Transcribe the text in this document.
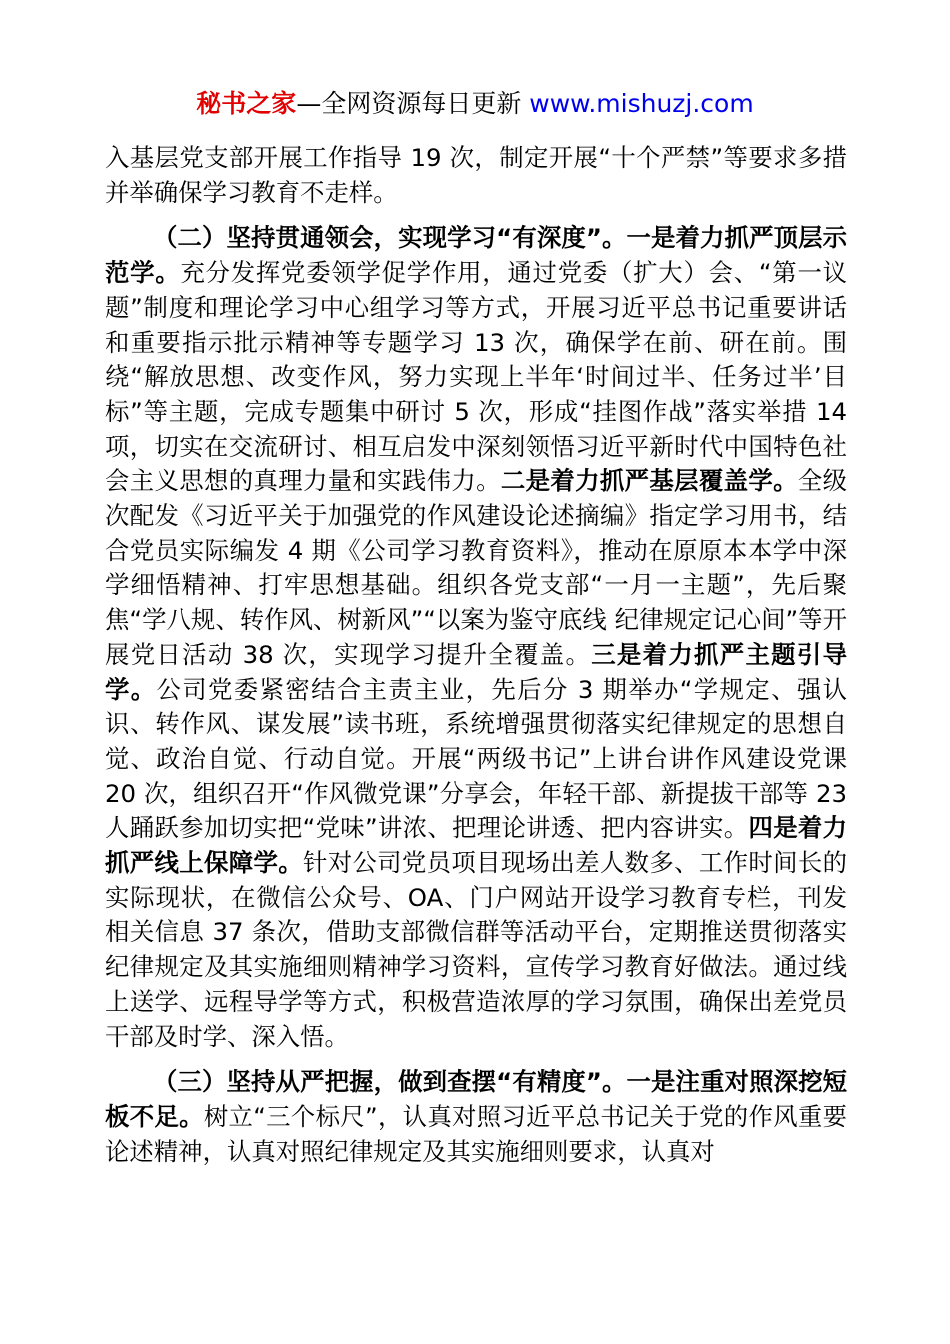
秘书之家—全网资源每日更新 www.mishuzj.com

入基层党支部开展工作指导 19 次，制定开展“十个严禁”等要求多措并举确保学习教育不走样。

（二）坚持贯通领会，实现学习“有深度”。一是着力抓严顶层示范学。充分发挥党委领学促学作用，通过党委（扩大）会、“第一议题”制度和理论学习中心组学习等方式，开展习近平总书记重要讲话和重要指示批示精神等专题学习 13 次，确保学在前、研在前。围绕“解放思想、改变作风，努力实现上半年‘时间过半、任务过半’目标”等主题，完成专题集中研讨 5 次，形成“挂图作战”落实举措 14 项，切实在交流研讨、相互启发中深刻领悟习近平新时代中国特色社会主义思想的真理力量和实践伟力。二是着力抓严基层覆盖学。全级次配发《习近平关于加强党的作风建设论述摘编》指定学习用书，结合党员实际编发 4 期《公司学习教育资料》，推动在原原本本学中深学细悟精神、打牢思想基础。组织各党支部“一月一主题”，先后聚焦“学八规、转作风、树新风”“以案为鉴守底线 纪律规定记心间”等开展党日活动 38 次，实现学习提升全覆盖。三是着力抓严主题引导学。公司党委紧密结合主责主业，先后分 3 期举办“学规定、强认识、转作风、谋发展”读书班，系统增强贯彻落实纪律规定的思想自觉、政治自觉、行动自觉。开展“两级书记”上讲台讲作风建设党课 20 次，组织召开“作风微党课”分享会，年轻干部、新提拔干部等 23 人踊跃参加切实把“党味”讲浓、把理论讲透、把内容讲实。四是着力抓严线上保障学。针对公司党员项目现场出差人数多、工作时间长的实际现状，在微信公众号、OA、门户网站开设学习教育专栏，刊发相关信息 37 条次，借助支部微信群等活动平台，定期推送贯彻落实纪律规定及其实施细则精神学习资料，宣传学习教育好做法。通过线上送学、远程导学等方式，积极营造浓厚的学习氛围，确保出差党员干部及时学、深入悟。

（三）坚持从严把握，做到查摆“有精度”。一是注重对照深挖短板不足。树立“三个标尺”，认真对照习近平总书记关于党的作风重要论述精神，认真对照纪律规定及其实施细则要求，认真对
